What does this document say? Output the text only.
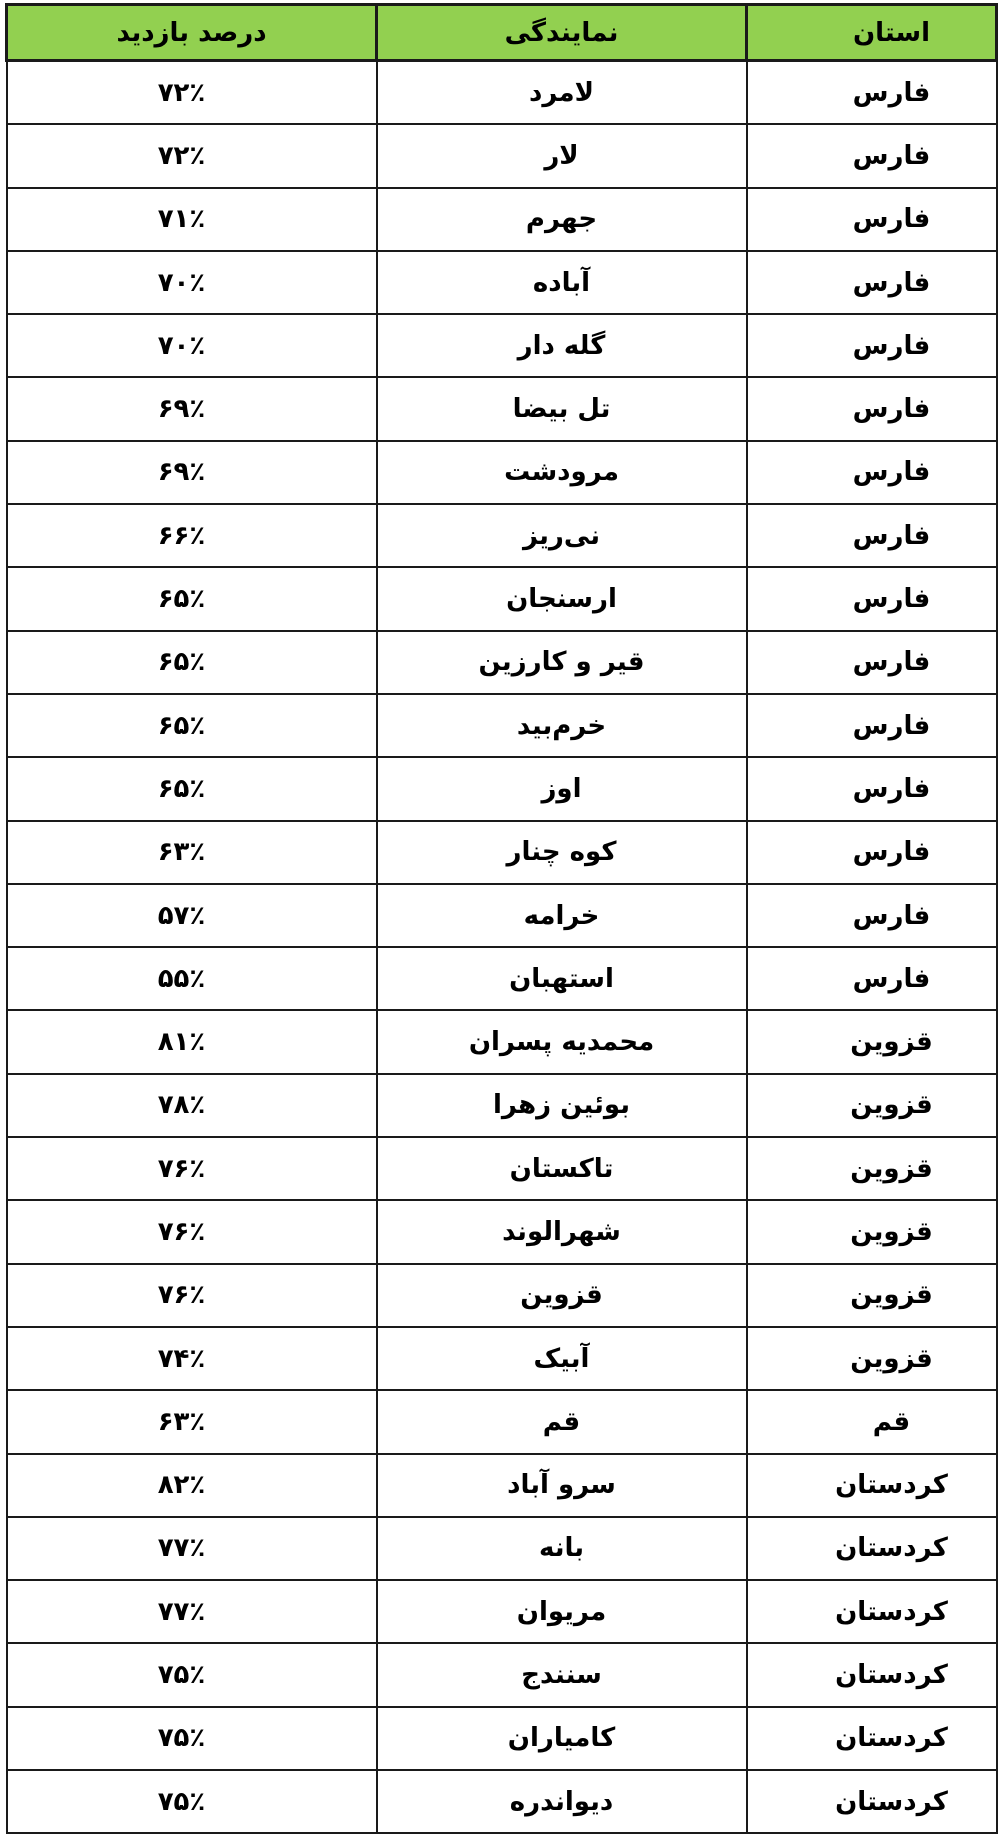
استان	نمایندگی	درصد بازدید
فارس	لامرد	۷۲٪
فارس	لار	۷۲٪
فارس	جهرم	۷۱٪
فارس	آباده	۷۰٪
فارس	گله دار	۷۰٪
فارس	تل بیضا	۶۹٪
فارس	مرودشت	۶۹٪
فارس	نی‌ریز	۶۶٪
فارس	ارسنجان	۶۵٪
فارس	قیر و کارزین	۶۵٪
فارس	خرم‌بید	۶۵٪
فارس	اوز	۶۵٪
فارس	کوه چنار	۶۳٪
فارس	خرامه	۵۷٪
فارس	استهبان	۵۵٪
قزوین	محمدیه پسران	۸۱٪
قزوین	بوئین زهرا	۷۸٪
قزوین	تاکستان	۷۶٪
قزوین	شهرالوند	۷۶٪
قزوین	قزوین	۷۶٪
قزوین	آبیک	۷۴٪
قم	قم	۶۳٪
کردستان	سرو آباد	۸۲٪
کردستان	بانه	۷۷٪
کردستان	مریوان	۷۷٪
کردستان	سنندج	۷۵٪
کردستان	کامیاران	۷۵٪
کردستان	دیواندره	۷۵٪
